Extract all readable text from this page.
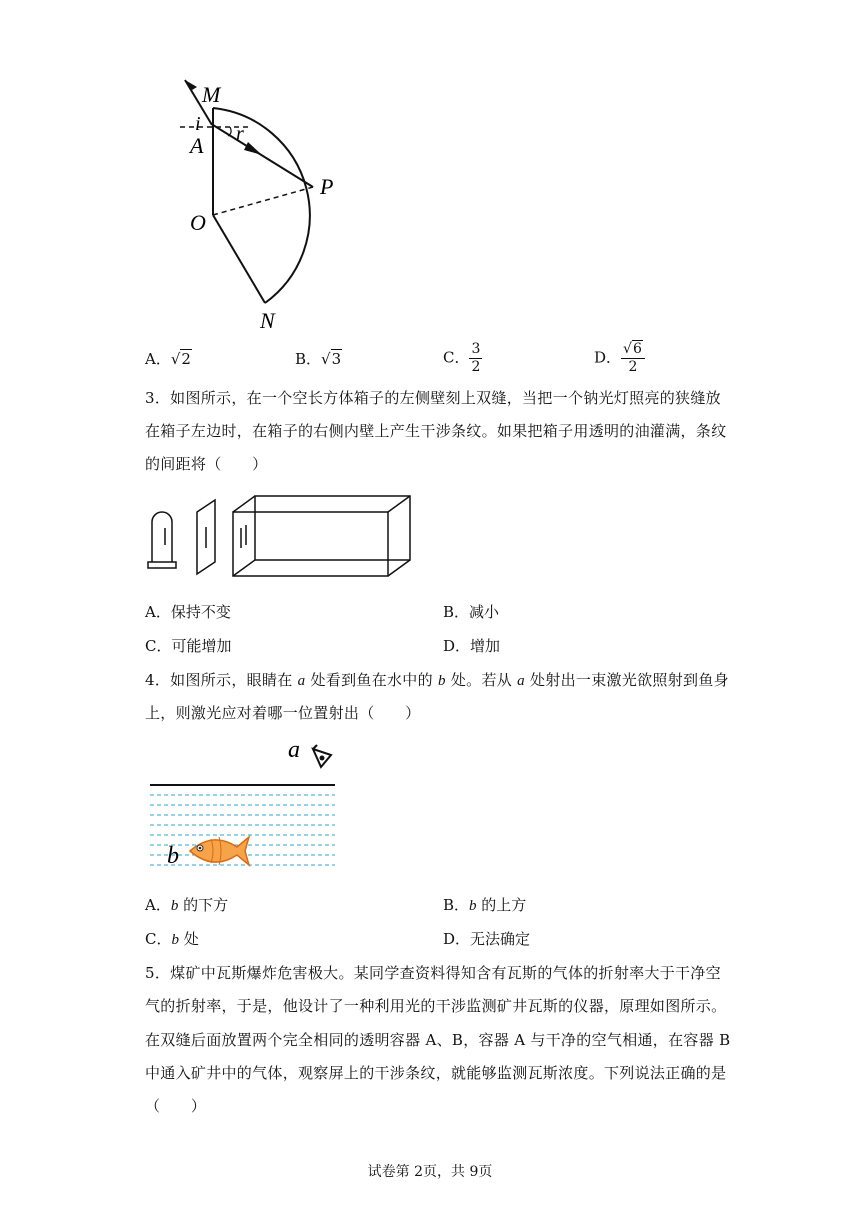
M
A
O
P
N
i r
A．√2	B．√3	C． $\frac{3}{2}$	D． $\frac{√6}{2}$
3．如图所示，在一个空长方体箱子的左侧壁刻上双缝，当把一个钠光灯照亮的狭缝放
在箱子左边时，在箱子的右侧内壁上产生干涉条纹。如果把箱子用透明的油灌满，条纹
的间距将（　　）
A．保持不变	B．减小
C．可能增加	D．增加
4．如图所示，眼睛在 a 处看到鱼在水中的 b 处。若从 a 处射出一束激光欲照射到鱼身
上，则激光应对着哪一位置射出（　　）
a
b
A．b 的下方	B．b 的上方
C．b 处	D．无法确定
5．煤矿中瓦斯爆炸危害极大。某同学查资料得知含有瓦斯的气体的折射率大于干净空
气的折射率，于是，他设计了一种利用光的干涉监测矿井瓦斯的仪器，原理如图所示。
在双缝后面放置两个完全相同的透明容器 A、B，容器 A 与干净的空气相通，在容器 B
中通入矿井中的气体，观察屏上的干涉条纹，就能够监测瓦斯浓度。下列说法正确的是
（　　）
试卷第 2页，共 9页
